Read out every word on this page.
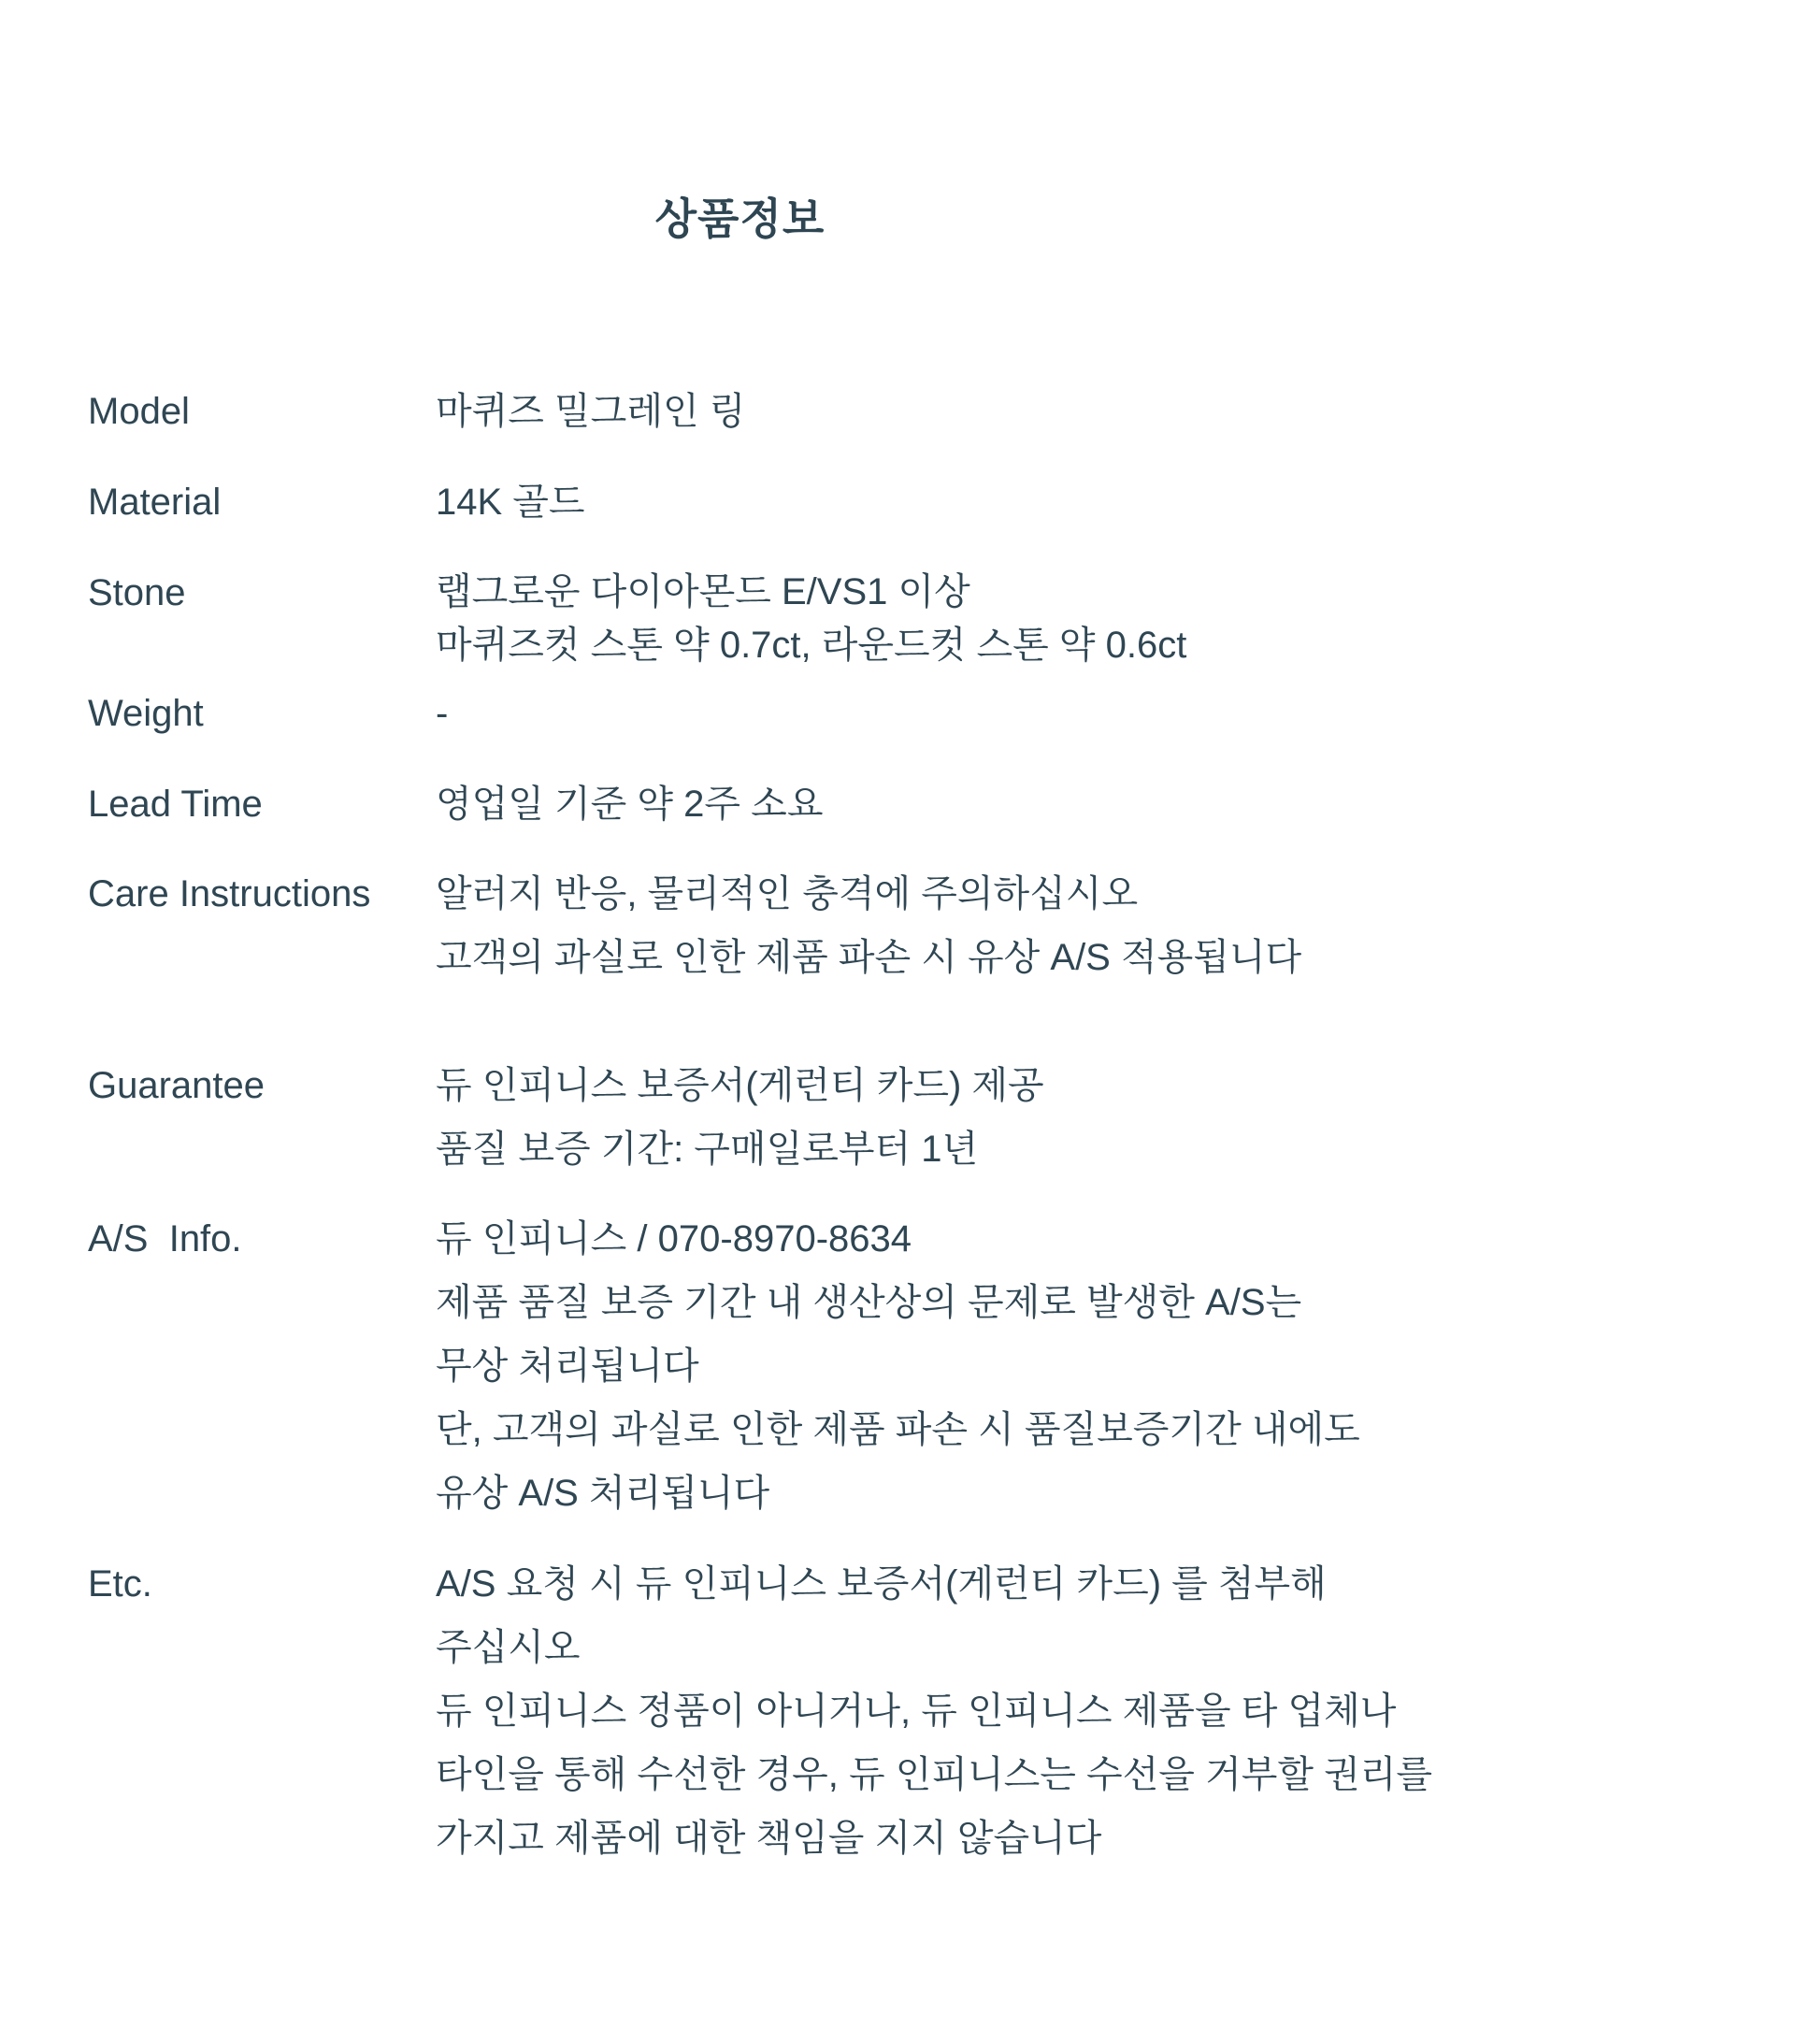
상품정보
Model	마퀴즈 밀그레인 링
Material	14K 골드
Stone	랩그로운 다이아몬드 E/VS1 이상
마퀴즈컷 스톤 약 0.7ct, 라운드컷 스톤 약 0.6ct
Weight	-
Lead Time	영업일 기준 약 2주 소요
Care Instructions	알러지 반응, 물리적인 충격에 주의하십시오
고객의 과실로 인한 제품 파손 시 유상 A/S 적용됩니다
Guarantee	듀 인피니스 보증서(게런티 카드) 제공
품질 보증 기간: 구매일로부터 1년
A/S  Info.	듀 인피니스 / 070-8970-8634
제품 품질 보증 기간 내 생산상의 문제로 발생한 A/S는
무상 처리됩니다
단, 고객의 과실로 인한 제품 파손 시 품질보증기간 내에도
유상 A/S 처리됩니다
Etc.	A/S 요청 시 듀 인피니스 보증서(게런티 카드) 를 첨부해
주십시오
듀 인피니스 정품이 아니거나, 듀 인피니스 제품을 타 업체나
타인을 통해 수선한 경우, 듀 인피니스는 수선을 거부할 권리를
가지고 제품에 대한 책임을 지지 않습니다
